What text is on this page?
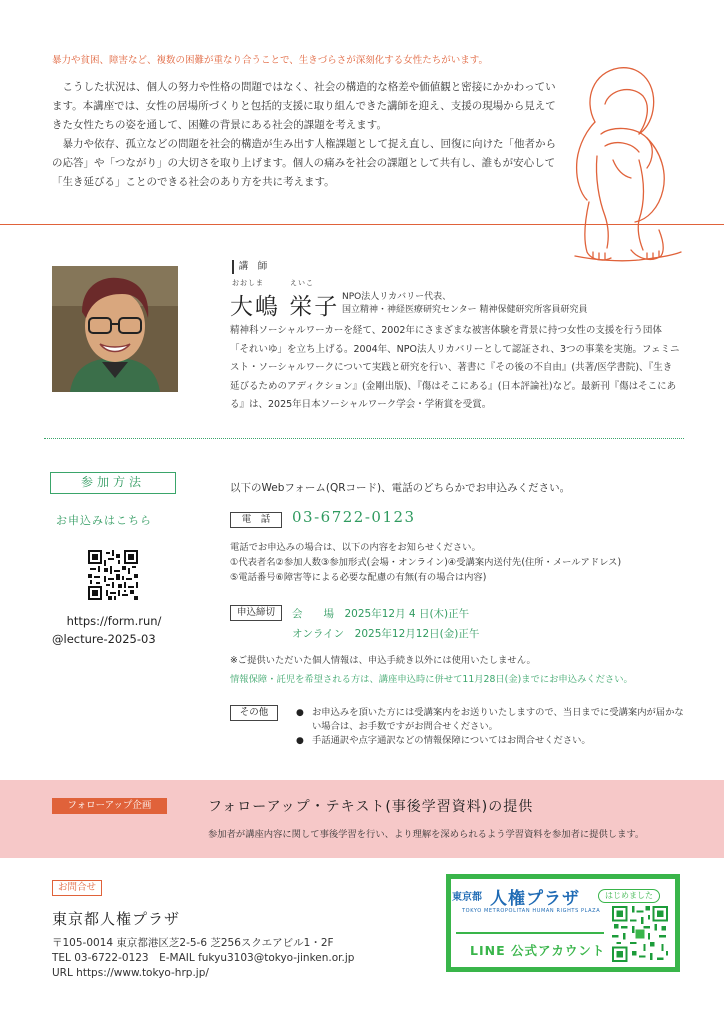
暴力や貧困、障害など、複数の困難が重なり合うことで、生きづらさが深刻化する女性たちがいます。

こうした状況は、個人の努力や性格の問題ではなく、社会の構造的な格差や価値観と密接にかかわっています。本講座では、女性の居場所づくりと包括的支援に取り組んできた講師を迎え、支援の現場から見えてきた女性たちの姿を通して、困難の背景にある社会的課題を考えます。

暴力や依存、孤立などの問題を社会的構造が生み出す人権課題として捉え直し、回復に向けた「他者からの応答」や「つながり」の大切さを取り上げます。個人の痛みを社会の課題として共有し、誰もが安心して「生き延びる」ことのできる社会のあり方を共に考えます。

講　師
おおしま	えいこ
大嶋 栄子 NPO法人リカバリー代表、
国立精神・神経医療研究センター 精神保健研究所客員研究員
精神科ソーシャルワーカーを経て、2002年にさまざまな被害体験を背景に持つ女性の支援を行う団体「それいゆ」を立ち上げる。2004年、NPO法人リカバリーとして認証され、3つの事業を実施。フェミニスト・ソーシャルワークについて実践と研究を行い、著書に『その後の不自由』(共著/医学書院)、『生き延びるためのアディクション』(金剛出版)、『傷はそこにある』(日本評論社)など。最新刊『傷はそこにある』は、2025年日本ソーシャルワーク学会・学術賞を受賞。
参加方法
お申込みはこちら
https://form.run/
@lecture-2025-03
以下のWebフォーム(QRコード)、電話のどちらかでお申込みください。
電　話	03-6722-0123
電話でお申込みの場合は、以下の内容をお知らせください。
①代表者名②参加人数③参加形式(会場・オンライン)④受講案内送付先(住所・メールアドレス)
⑤電話番号⑥障害等による必要な配慮の有無(有の場合は内容)
申込締切	会　　場　2025年12月 4 日(木)正午
オンライン　2025年12月12日(金)正午
※ご提供いただいた個人情報は、申込手続き以外には使用いたしません。
情報保障・託児を希望される方は、講座申込時に併せて11月28日(金)までにお申込みください。
その他
●	お申込みを頂いた方には受講案内をお送りいたしますので、当日までに受講案内が届かない場合は、お手数ですがお問合せください。
● 手話通訳や点字通訳などの情報保障についてはお問合せください。
フォローアップ企画	フォローアップ・テキスト(事後学習資料)の提供
参加者が講座内容に関して事後学習を行い、より理解を深められるよう学習資料を参加者に提供します。
お問合せ
東京都人権プラザ
〒105-0014 東京都港区芝2-5-6 芝256スクエアビル1・2F
TEL 03-6722-0123　E-MAIL fukyu3103@tokyo-jinken.or.jp
URL https://www.tokyo-hrp.jp/
東京都 人権プラザ
TOKYO METROPOLITAN HUMAN RIGHTS PLAZA
はじめました
LINE 公式アカウント
